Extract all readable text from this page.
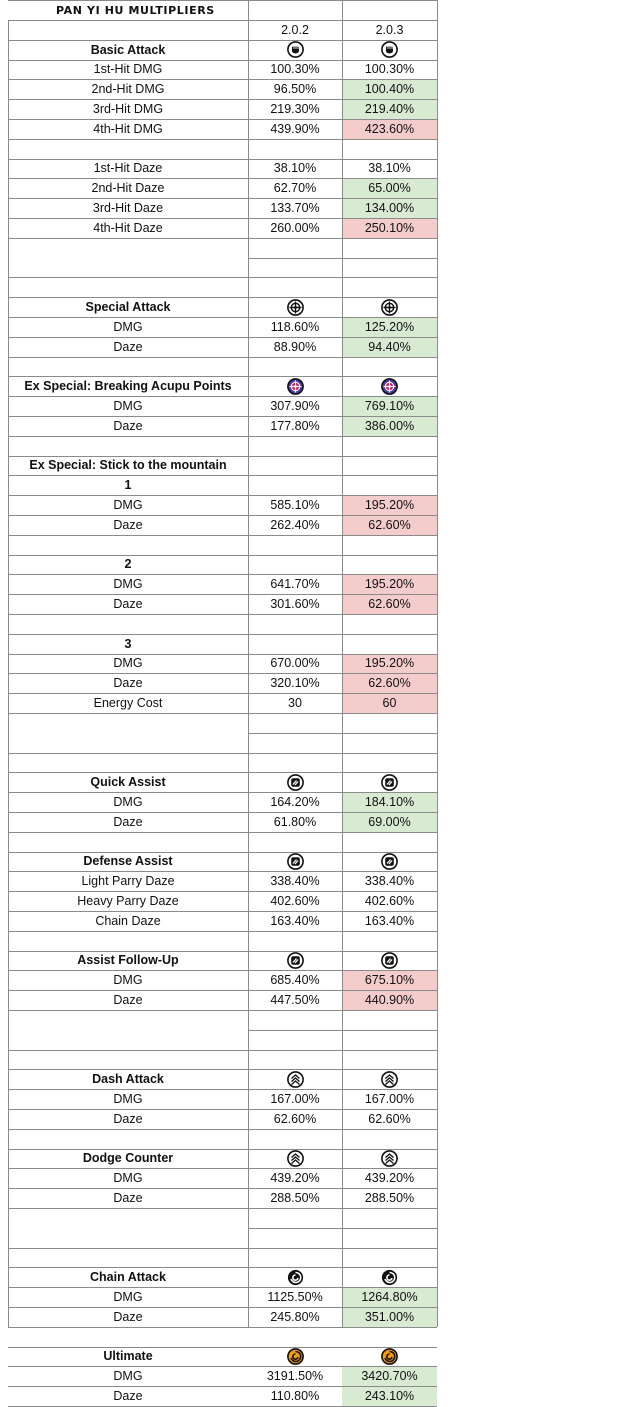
PAN YI HU MULTIPLIERS
2.0.2	2.0.3
Basic Attack
1st-Hit DMG	100.30%	100.30%
2nd-Hit DMG	96.50%	100.40%
3rd-Hit DMG	219.30%	219.40%
4th-Hit DMG	439.90%	423.60%
1st-Hit Daze	38.10%	38.10%
2nd-Hit Daze	62.70%	65.00%
3rd-Hit Daze	133.70%	134.00%
4th-Hit Daze	260.00%	250.10%
Special Attack
DMG	118.60%	125.20%
Daze	88.90%	94.40%
Ex Special: Breaking Acupu Points
DMG	307.90%	769.10%
Daze	177.80%	386.00%
Ex Special: Stick to the mountain
1
DMG	585.10%	195.20%
Daze	262.40%	62.60%
2
DMG	641.70%	195.20%
Daze	301.60%	62.60%
3
DMG	670.00%	195.20%
Daze	320.10%	62.60%
Energy Cost	30	60
Quick Assist
DMG	164.20%	184.10%
Daze	61.80%	69.00%
Defense Assist
Light Parry Daze	338.40%	338.40%
Heavy Parry Daze	402.60%	402.60%
Chain Daze	163.40%	163.40%
Assist Follow-Up
DMG	685.40%	675.10%
Daze	447.50%	440.90%
Dash Attack
DMG	167.00%	167.00%
Daze	62.60%	62.60%
Dodge Counter
DMG	439.20%	439.20%
Daze	288.50%	288.50%
Chain Attack
DMG	1125.50%	1264.80%
Daze	245.80%	351.00%
Ultimate
DMG	3191.50%	3420.70%
Daze	110.80%	243.10%
